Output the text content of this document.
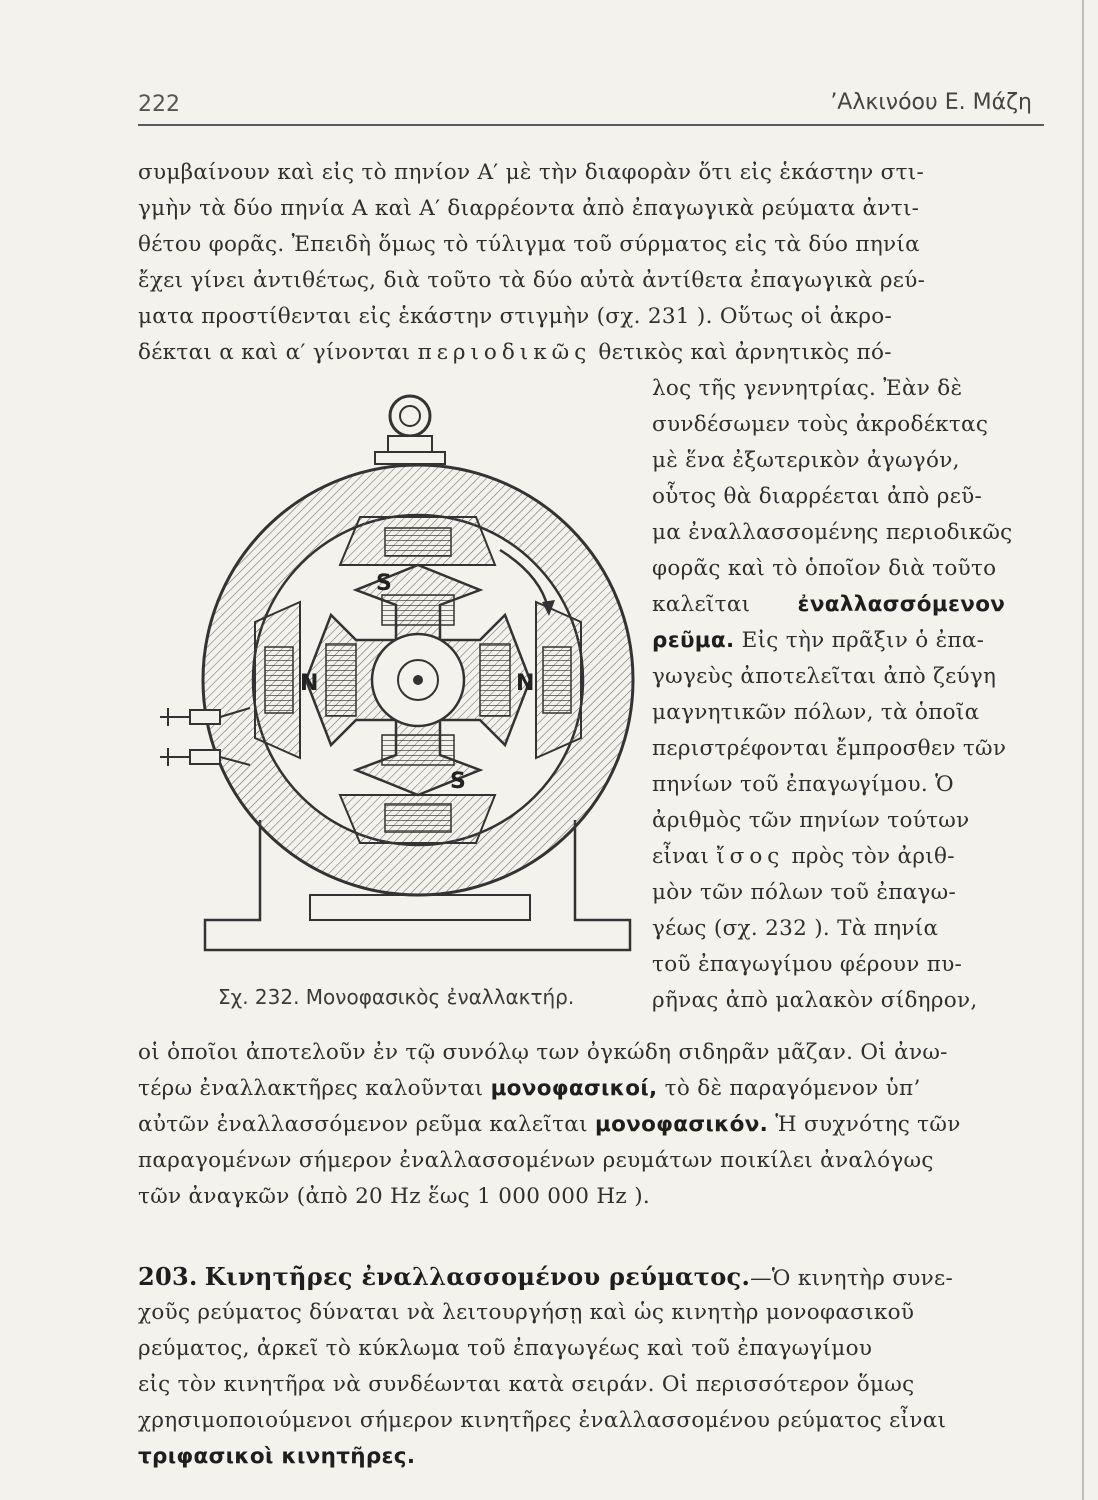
222	’Αλκινόου Ε. Μάζη
συμβαίνουν καὶ εἰς τὸ πηνίον Α′ μὲ τὴν διαφορὰν ὅτι εἰς ἑκάστην στι-
γμὴν τὰ δύο πηνία Α καὶ Α′ διαρρέοντα ἀπὸ ἐπαγωγικὰ ρεύματα ἀντι-
θέτου φορᾶς. Ἐπειδὴ ὅμως τὸ τύλιγμα τοῦ σύρματος εἰς τὰ δύο πηνία
ἔχει γίνει ἀντιθέτως, διὰ τοῦτο τὰ δύο αὐτὰ ἀντίθετα ἐπαγωγικὰ ρεύ-
ματα προστίθενται εἰς ἑκάστην στιγμὴν (σχ. 231 ). Οὕτως οἱ ἀκρο-
δέκται α καὶ α′ γίνονται περιοδικῶς θετικὸς καὶ ἀρνητικὸς πό-
λος τῆς γεννητρίας. Ἐὰν δὲ
συνδέσωμεν τοὺς ἀκροδέκτας
μὲ ἕνα ἐξωτερικὸν ἀγωγόν,
οὗτος θὰ διαρρέεται ἀπὸ ρεῦ-
μα ἐναλλασσομένης περιοδικῶς
φορᾶς καὶ τὸ ὁποῖον διὰ τοῦτο
καλεῖται ἐναλλασσόμενον
ρεῦμα. Εἰς τὴν πρᾶξιν ὁ ἐπα-
γωγεὺς ἀποτελεῖται ἀπὸ ζεύγη
μαγνητικῶν πόλων, τὰ ὁποῖα
περιστρέφονται ἔμπροσθεν τῶν
πηνίων τοῦ ἐπαγωγίμου. Ὁ
ἀριθμὸς τῶν πηνίων τούτων
εἶναι ἴσος πρὸς τὸν ἀριθ-
μὸν τῶν πόλων τοῦ ἐπαγω-
γέως (σχ. 232 ). Τὰ πηνία
τοῦ ἐπαγωγίμου φέρουν πυ-
ρῆνας ἀπὸ μαλακὸν σίδηρον,
S
S
N	N
Σχ. 232. Μονοφασικὸς ἐναλλακτήρ.
οἱ ὁποῖοι ἀποτελοῦν ἐν τῷ συνόλῳ των ὀγκώδη σιδηρᾶν μᾶζαν. Οἱ ἀνω-
τέρω ἐναλλακτῆρες καλοῦνται μονοφασικοί, τὸ δὲ παραγόμενον ὑπ’
αὐτῶν ἐναλλασσόμενον ρεῦμα καλεῖται μονοφασικόν. Ἡ συχνότης τῶν
παραγομένων σήμερον ἐναλλασσομένων ρευμάτων ποικίλει ἀναλόγως
τῶν ἀναγκῶν (ἀπὸ 20 Hz ἕως 1 000 000 Hz ).
203. Κινητῆρες ἐναλλασσομένου ρεύματος.—Ὁ κινητὴρ συνε-
χοῦς ρεύματος δύναται νὰ λειτουργήσῃ καὶ ὡς κινητὴρ μονοφασικοῦ
ρεύματος, ἀρκεῖ τὸ κύκλωμα τοῦ ἐπαγωγέως καὶ τοῦ ἐπαγωγίμου
εἰς τὸν κινητῆρα νὰ συνδέωνται κατὰ σειράν. Οἱ περισσότερον ὅμως
χρησιμοποιούμενοι σήμερον κινητῆρες ἐναλλασσομένου ρεύματος εἶναι
τριφασικοὶ κινητῆρες.
